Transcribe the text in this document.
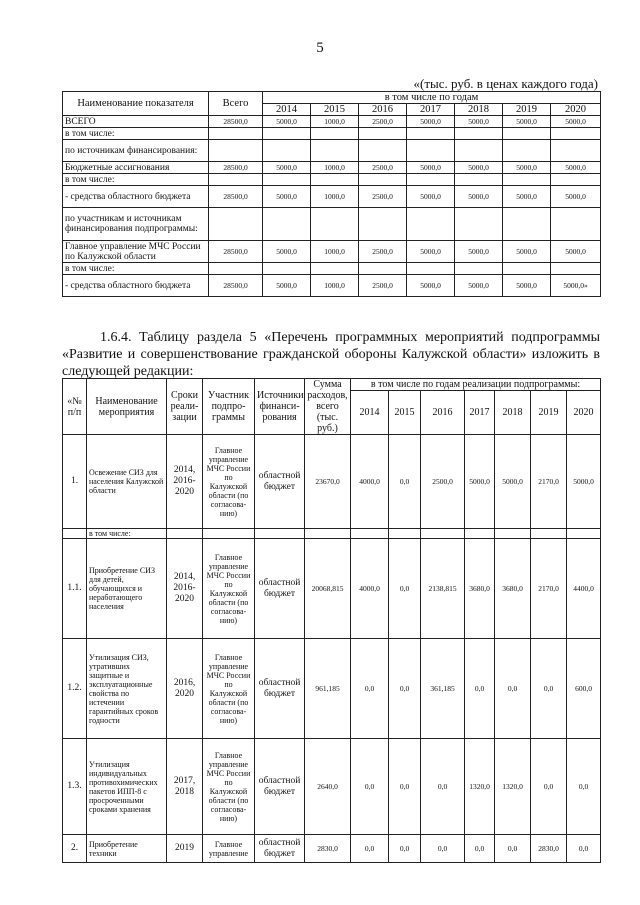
5
«(тыс. руб. в ценах каждого года)
Наименование показателя	Всего	в том числе по годам						
		2014	2015	2016	2017	2018	2019	2020
ВСЕГО	28500,0	5000,0	1000,0	2500,0	5000,0	5000,0	5000,0	5000,0
в том числе:								
по источникам финансирования:								
Бюджетные ассигнования	28500,0	5000,0	1000,0	2500,0	5000,0	5000,0	5000,0	5000,0
в том числе:								
- средства областного бюджета	28500,0	5000,0	1000,0	2500,0	5000,0	5000,0	5000,0	5000,0
по участникам и источникам финансирования подпрограммы:								
Главное управление МЧС России по Калужской области	28500,0	5000,0	1000,0	2500,0	5000,0	5000,0	5000,0	5000,0
в том числе:								
- средства областного бюджета	28500,0	5000,0	1000,0	2500,0	5000,0	5000,0	5000,0	5000,0»
1.6.4. Таблицу раздела 5 «Перечень программных мероприятий подпрограммы «Развитие и совершенствование гражданской обороны Калужской области» изложить в следующей редакции:
«№ п/п	Наименование мероприятия	Сроки реали-зации	Участник подпро-граммы	Источники финанси-рования	Сумма расходов, всего (тыс. руб.)	в том числе по годам реализации подпрограммы:						
						2014	2015	2016	2017	2018	2019	2020
1.	Освежение СИЗ для населения Калужской области	2014, 2016-2020	Главное управление МЧС России по Калужской области (по согласова-нию)	областной бюджет	23670,0	4000,0	0,0	2500,0	5000,0	5000,0	2170,0	5000,0
	в том числе:											
1.1.	Приобретение СИЗ для детей, обучающихся и неработающего населения	2014, 2016-2020	Главное управление МЧС России по Калужской области (по согласова-нию)	областной бюджет	20068,815	4000,0	0,0	2138,815	3680,0	3680,0	2170,0	4400,0
1.2.	Утилизация СИЗ, утративших защитные и эксплуатационные свойства по истечении гарантийных сроков годности	2016, 2020	Главное управление МЧС России по Калужской области (по согласова-нию)	областной бюджет	961,185	0,0	0,0	361,185	0,0	0,0	0,0	600,0
1.3.	Утилизация индивидуальных противохимических пакетов ИПП-8 с просроченными сроками хранения	2017, 2018	Главное управление МЧС России по Калужской области (по согласова-нию)	областной бюджет	2640,0	0,0	0,0	0,0	1320,0	1320,0	0,0	0,0
2.	Приобретение техники	2019	Главное управление	областной бюджет	2830,0	0,0	0,0	0,0	0,0	0,0	2830,0	0,0
